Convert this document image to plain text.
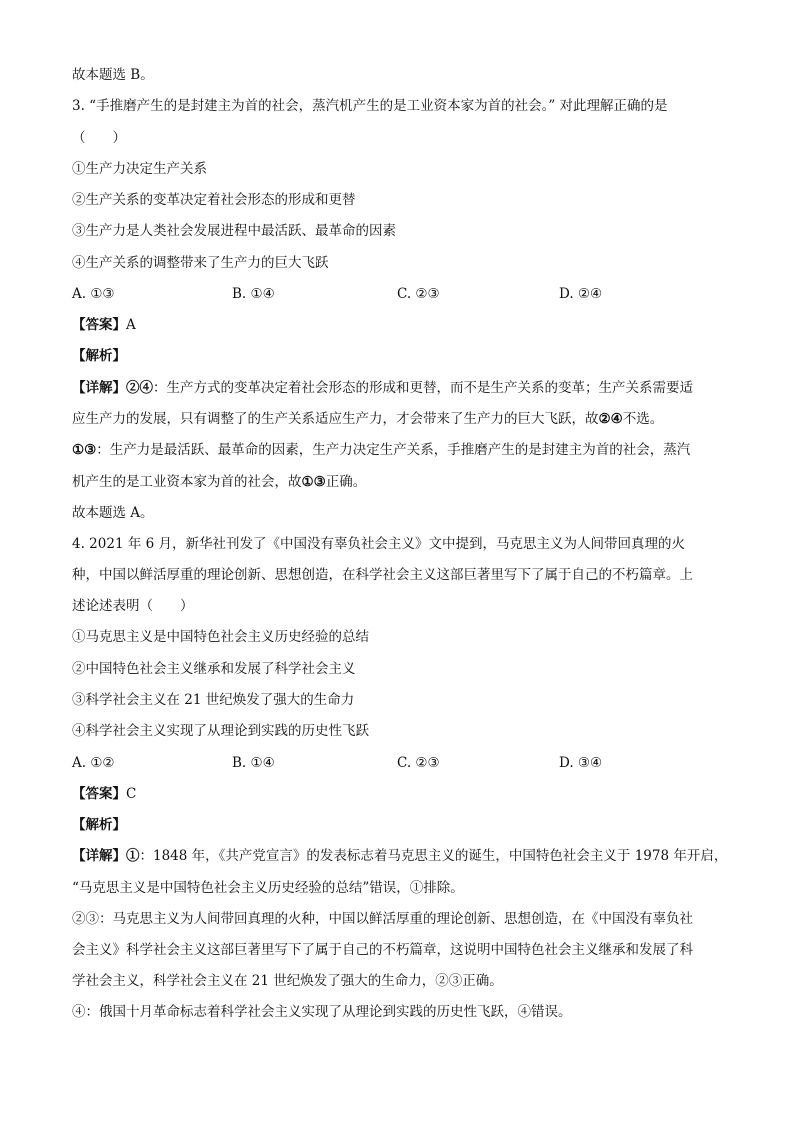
故本题选 B。
3. “手推磨产生的是封建主为首的社会，蒸汽机产生的是工业资本家为首的社会。” 对此理解正确的是
（　　）
①生产力决定生产关系
②生产关系的变革决定着社会形态的形成和更替
③生产力是人类社会发展进程中最活跃、最革命的因素
④生产关系的调整带来了生产力的巨大飞跃
A. ①③	B. ①④	C. ②③	D. ②④
【答案】A
【解析】
【详解】②④：生产方式的变革决定着社会形态的形成和更替，而不是生产关系的变革；生产关系需要适
应生产力的发展，只有调整了的生产关系适应生产力，才会带来了生产力的巨大飞跃，故②④不选。
①③：生产力是最活跃、最革命的因素，生产力决定生产关系，手推磨产生的是封建主为首的社会，蒸汽
机产生的是工业资本家为首的社会，故①③正确。
故本题选 A。
4. 2021 年 6 月，新华社刊发了《中国没有辜负社会主义》文中提到，马克思主义为人间带回真理的火
种，中国以鲜活厚重的理论创新、思想创造，在科学社会主义这部巨著里写下了属于自己的不朽篇章。上
述论述表明（　　）
①马克思主义是中国特色社会主义历史经验的总结
②中国特色社会主义继承和发展了科学社会主义
③科学社会主义在 21 世纪焕发了强大的生命力
④科学社会主义实现了从理论到实践的历史性飞跃
A. ①②	B. ①④	C. ②③	D. ③④
【答案】C
【解析】
【详解】①：1848 年，《共产党宣言》的发表标志着马克思主义的诞生，中国特色社会主义于 1978 年开启，
“马克思主义是中国特色社会主义历史经验的总结”错误，①排除。
②③：马克思主义为人间带回真理的火种，中国以鲜活厚重的理论创新、思想创造，在《中国没有辜负社
会主义》科学社会主义这部巨著里写下了属于自己的不朽篇章，这说明中国特色社会主义继承和发展了科
学社会主义，科学社会主义在 21 世纪焕发了强大的生命力，②③正确。
④：俄国十月革命标志着科学社会主义实现了从理论到实践的历史性飞跃，④错误。
